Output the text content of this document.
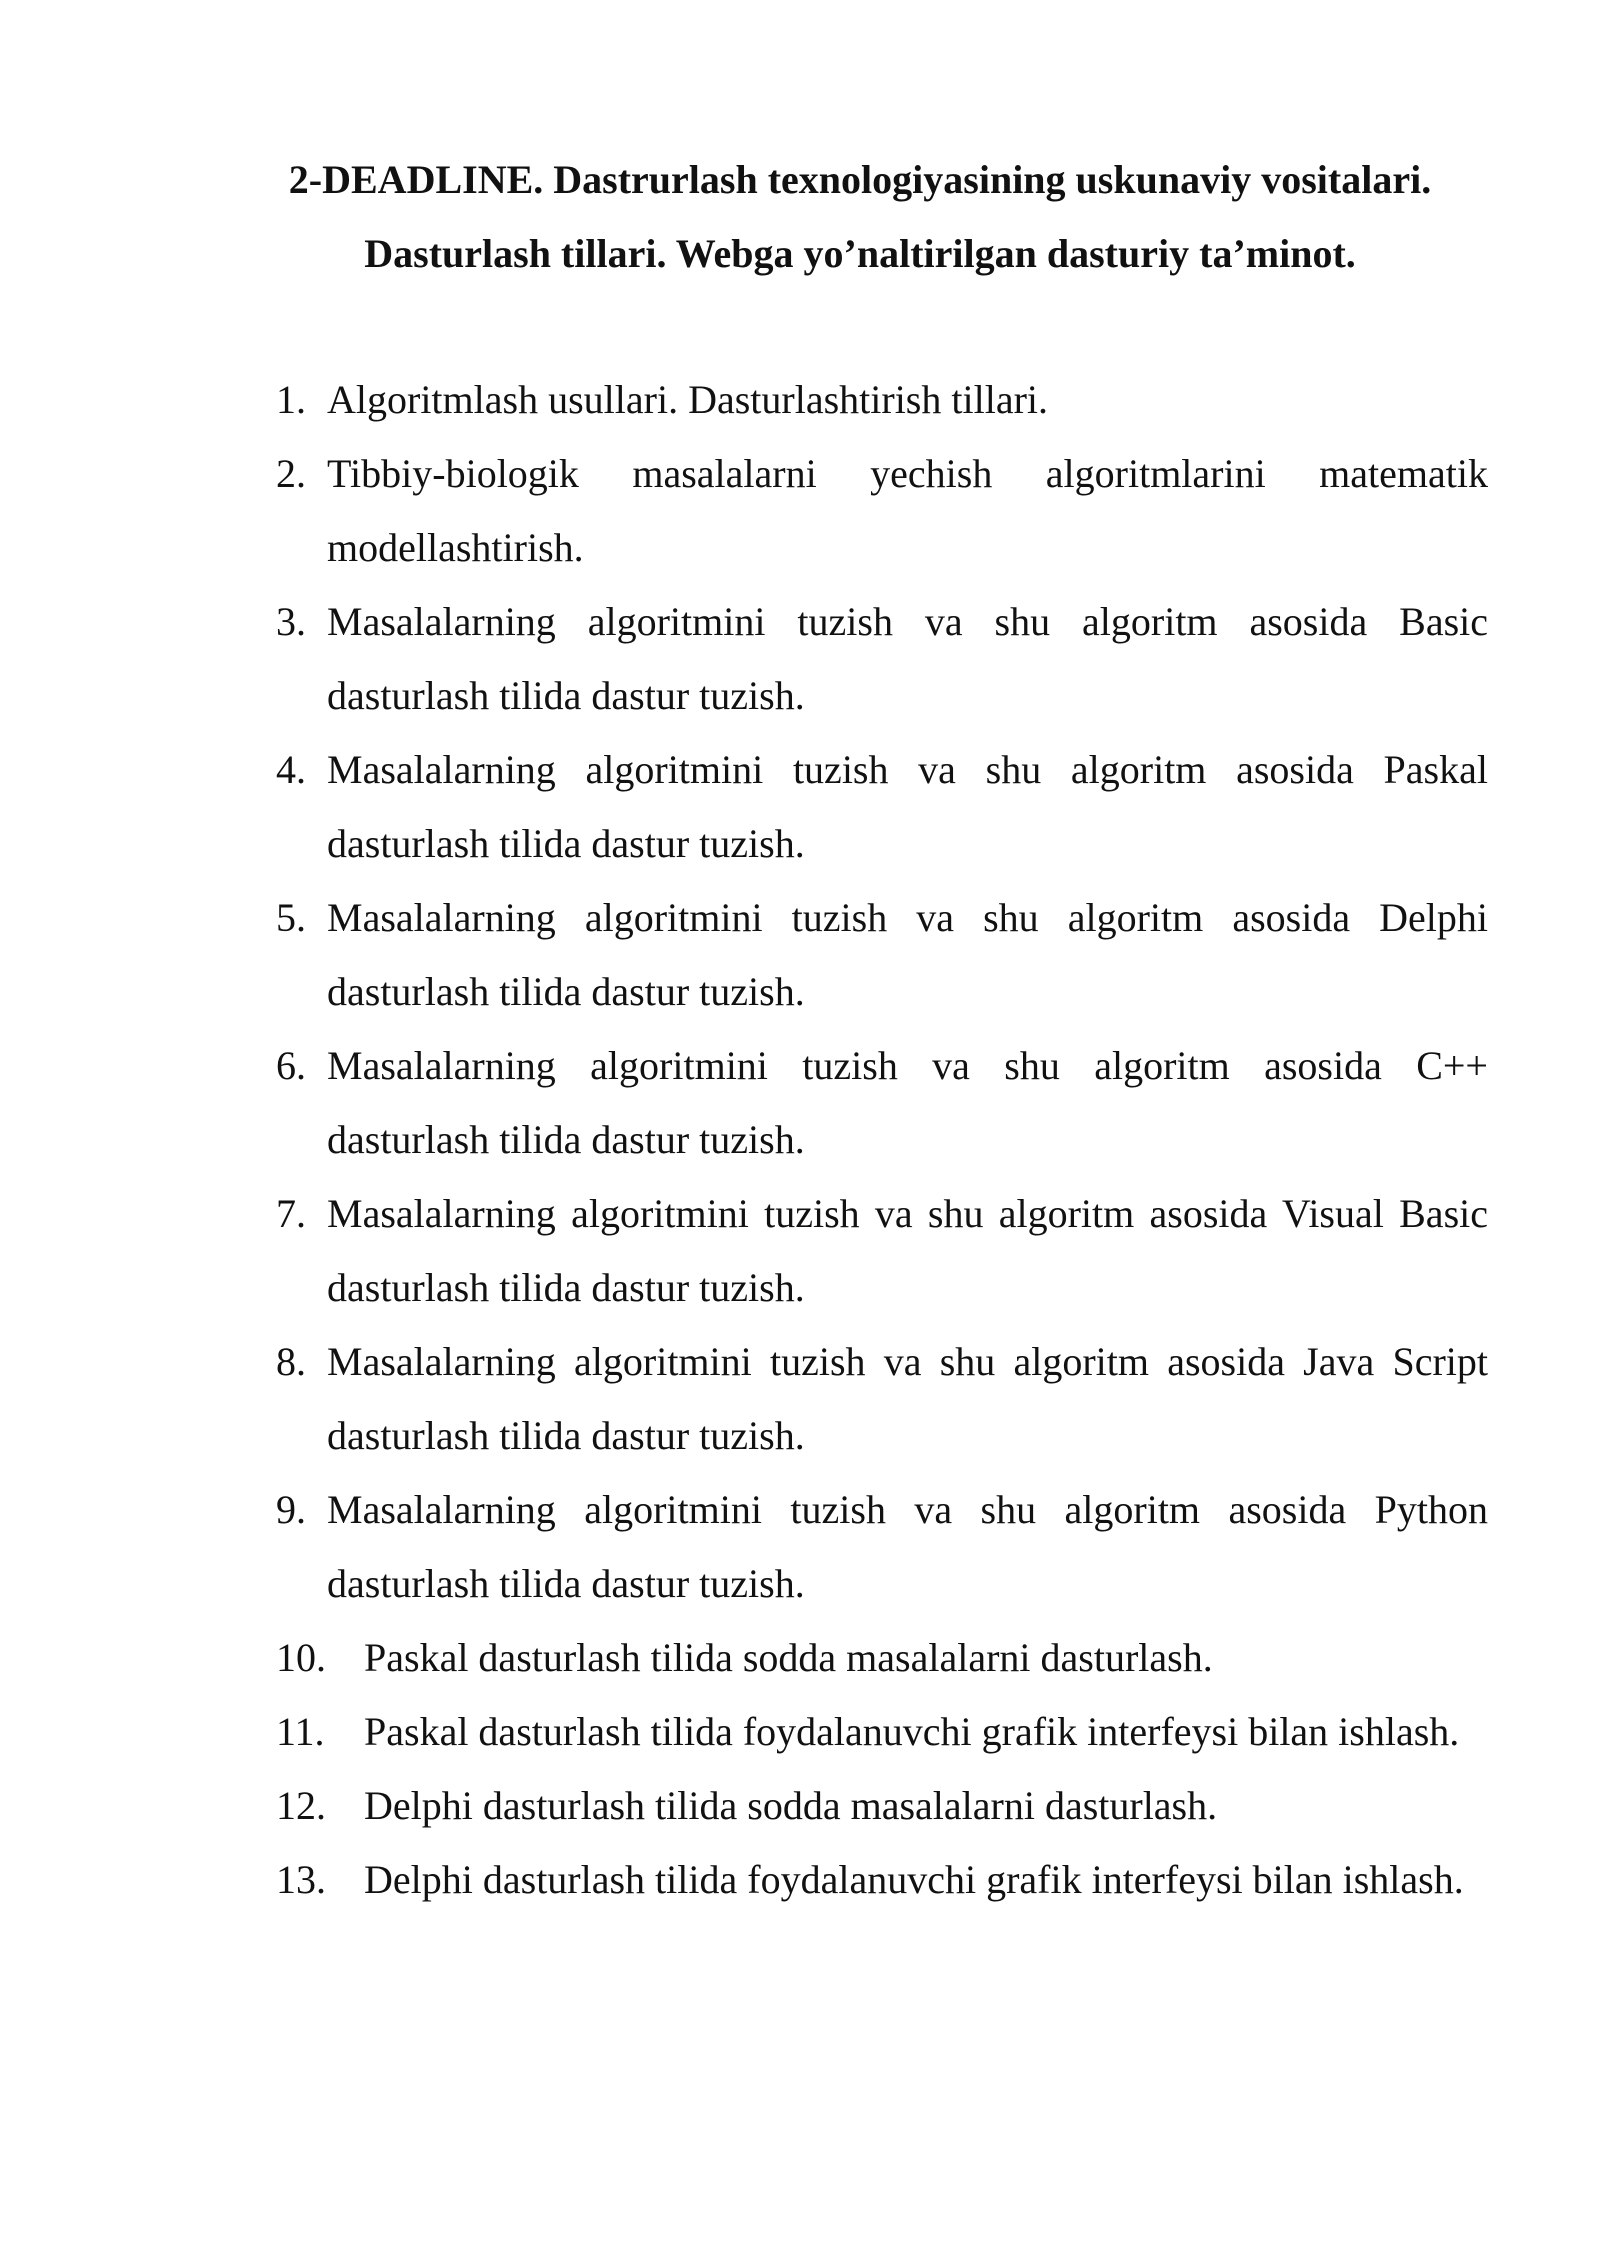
2-DEADLINE. Dastrurlash texnologiyasining uskunaviy vositalari.
Dasturlash tillari. Webga yo’naltirilgan dasturiy ta’minot.
1. Algoritmlash usullari. Dasturlashtirish tillari.
2. Tibbiy-biologik masalalarni yechish algoritmlarini matematik modellashtirish.
3. Masalalarning algoritmini tuzish va shu algoritm asosida Basic dasturlash tilida dastur tuzish.
4. Masalalarning algoritmini tuzish va shu algoritm asosida Paskal dasturlash tilida dastur tuzish.
5. Masalalarning algoritmini tuzish va shu algoritm asosida Delphi dasturlash tilida dastur tuzish.
6. Masalalarning algoritmini tuzish va shu algoritm asosida C++ dasturlash tilida dastur tuzish.
7. Masalalarning algoritmini tuzish va shu algoritm asosida Visual Basic dasturlash tilida dastur tuzish.
8. Masalalarning algoritmini tuzish va shu algoritm asosida Java Script dasturlash tilida dastur tuzish.
9. Masalalarning algoritmini tuzish va shu algoritm asosida Python dasturlash tilida dastur tuzish.
10. Paskal dasturlash tilida sodda masalalarni dasturlash.
11. Paskal dasturlash tilida foydalanuvchi grafik interfeysi bilan ishlash.
12. Delphi dasturlash tilida sodda masalalarni dasturlash.
13. Delphi dasturlash tilida foydalanuvchi grafik interfeysi bilan ishlash.
